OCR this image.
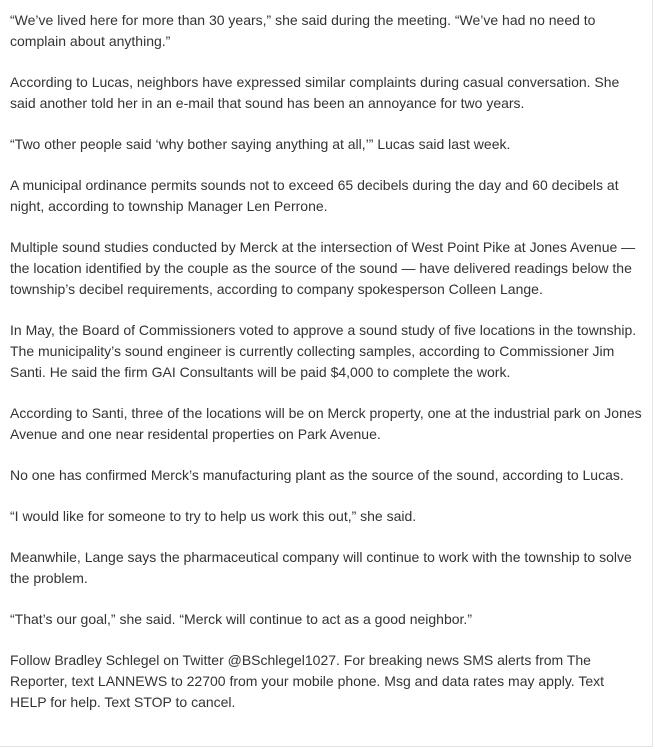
“We’ve lived here for more than 30 years,” she said during the meeting. “We’ve had no need to complain about anything.”

According to Lucas, neighbors have expressed similar complaints during casual conversation. She said another told her in an e-mail that sound has been an annoyance for two years.

“Two other people said ‘why bother saying anything at all,’” Lucas said last week.

A municipal ordinance permits sounds not to exceed 65 decibels during the day and 60 decibels at night, according to township Manager Len Perrone.

Multiple sound studies conducted by Merck at the intersection of West Point Pike at Jones Avenue — the location identified by the couple as the source of the sound — have delivered readings below the township’s decibel requirements, according to company spokesperson Colleen Lange.

In May, the Board of Commissioners voted to approve a sound study of five locations in the township. The municipality’s sound engineer is currently collecting samples, according to Commissioner Jim Santi. He said the firm GAI Consultants will be paid $4,000 to complete the work.

According to Santi, three of the locations will be on Merck property, one at the industrial park on Jones Avenue and one near residental properties on Park Avenue.

No one has confirmed Merck’s manufacturing plant as the source of the sound, according to Lucas.

“I would like for someone to try to help us work this out,” she said.

Meanwhile, Lange says the pharmaceutical company will continue to work with the township to solve the problem.

“That’s our goal,” she said. “Merck will continue to act as a good neighbor.”

Follow Bradley Schlegel on Twitter @BSchlegel1027. For breaking news SMS alerts from The Reporter, text LANNEWS to 22700 from your mobile phone. Msg and data rates may apply. Text HELP for help. Text STOP to cancel.
